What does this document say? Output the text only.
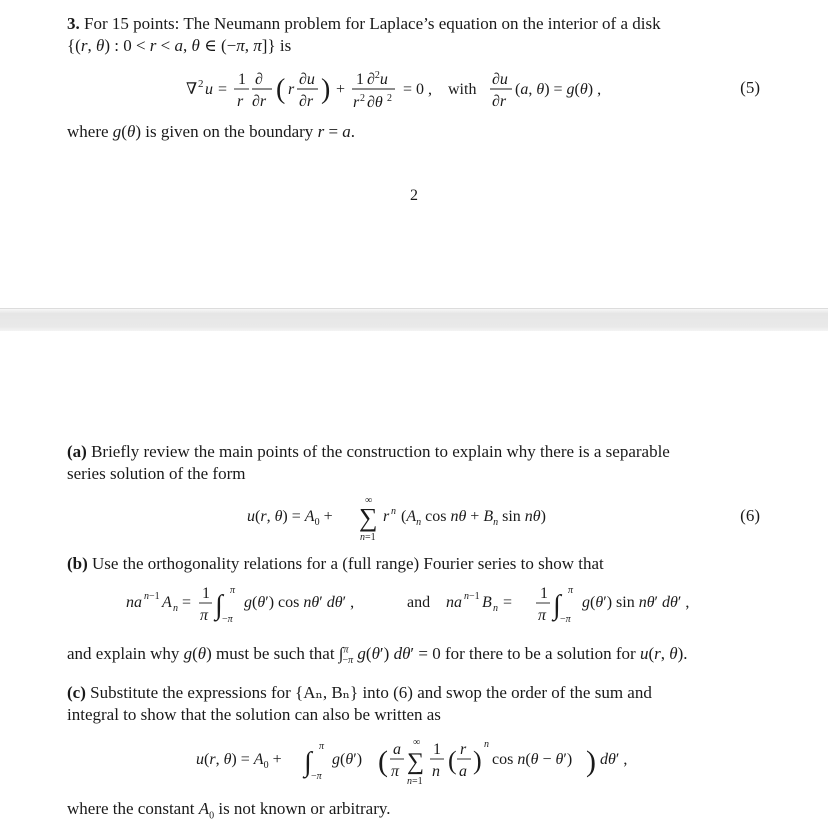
3. For 15 points: The Neumann problem for Laplace’s equation on the interior of a disk
{(r, θ) : 0 < r < a, θ ∈ (−π, π]} is
∇ 2 u =
1
r
∂
∂r ( r
∂u
∂r ) +
1 ∂$^2$u
r 2 ∂θ 2
= 0 , with
∂u
∂r
(a, θ) = g(θ) ,	(5)
where g(θ) is given on the boundary r = a.
2
(a) Briefly review the main points of the construction to explain why there is a separable
series solution of the form
u(r, $\theta) = A_0$ +
∞
∑
n=1
r n ($A_n$ $\cos n\theta + B_n$ sin nθ)	(6)
(b) Use the orthogonality relations for a (full range) Fourier series to show that
na n−1 A n =
1
π ∫ π
−π
g(θ′) cos nθ′ dθ′ ,	and na n−1 B n =
1
π ∫ π
−π
g(θ′) sin nθ′ dθ′ ,
and explain why g(θ) must be such that ∫$^\pi_{-\pi}$ g(θ′) dθ′ = 0 for there to be a solution for u(r, θ).
(c) Substitute the expressions for {Aₙ, Bₙ} into (6) and swop the order of the sum and
integral to show that the solution can also be written as
u(r, $\theta) = A_0$ + ∫
π
−π
g(θ′) ( a
π
∞
∑
n=1
1
n ( r
a )
n
cos n(θ − θ′) ) dθ′ ,
where the constant $A_0$ is not known or arbitrary.
